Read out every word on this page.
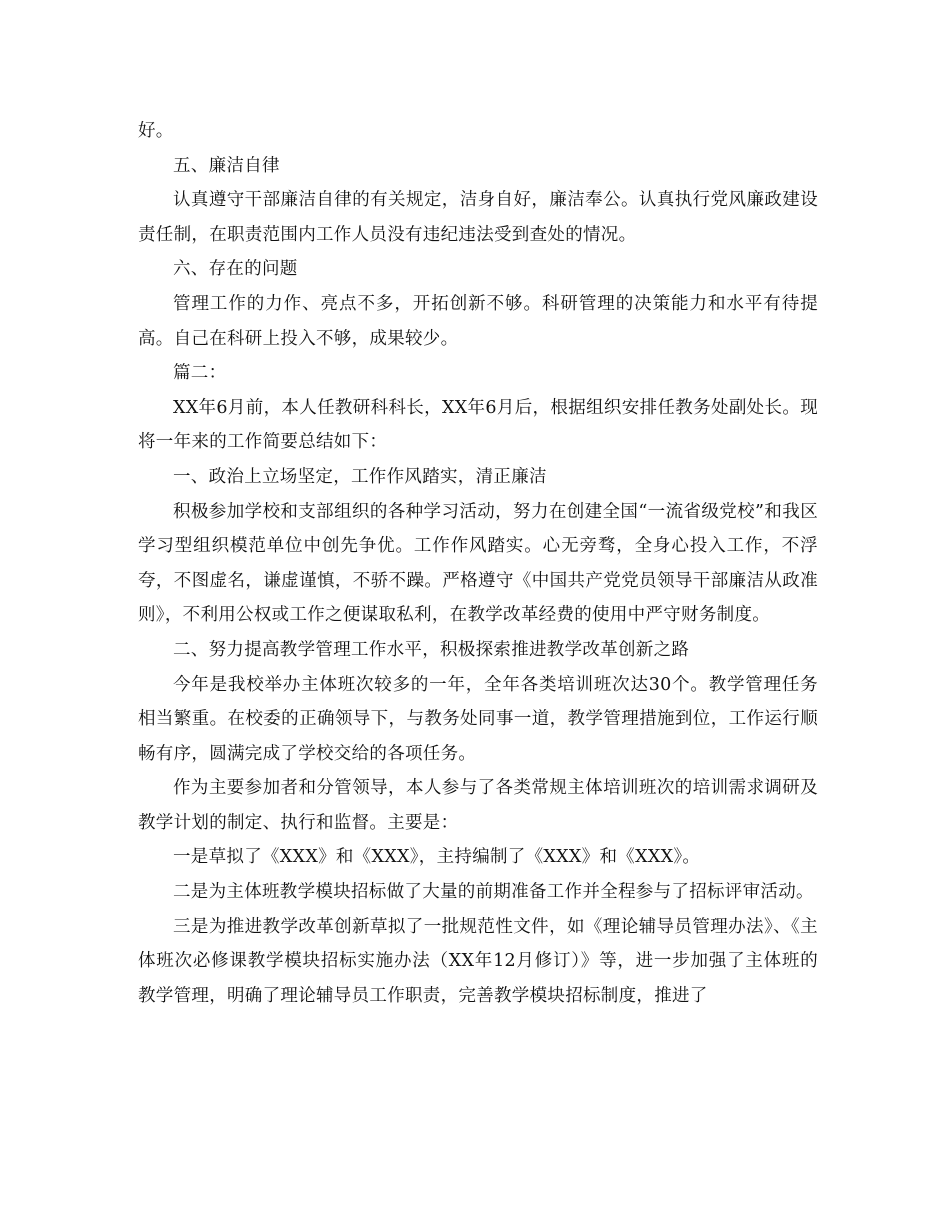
好。

五、廉洁自律

认真遵守干部廉洁自律的有关规定，洁身自好，廉洁奉公。认真执行党风廉政建设责任制，在职责范围内工作人员没有违纪违法受到查处的情况。

六、存在的问题

管理工作的力作、亮点不多，开拓创新不够。科研管理的决策能力和水平有待提高。自己在科研上投入不够，成果较少。

篇二：

XX年6月前，本人任教研科科长，XX年6月后，根据组织安排任教务处副处长。现将一年来的工作简要总结如下：

一、政治上立场坚定，工作作风踏实，清正廉洁

积极参加学校和支部组织的各种学习活动，努力在创建全国“一流省级党校”和我区学习型组织模范单位中创先争优。工作作风踏实。心无旁骛，全身心投入工作，不浮夸，不图虚名，谦虚谨慎，不骄不躁。严格遵守《中国共产党党员领导干部廉洁从政准则》，不利用公权或工作之便谋取私利，在教学改革经费的使用中严守财务制度。

二、努力提高教学管理工作水平，积极探索推进教学改革创新之路

今年是我校举办主体班次较多的一年，全年各类培训班次达30个。教学管理任务相当繁重。在校委的正确领导下，与教务处同事一道，教学管理措施到位，工作运行顺畅有序，圆满完成了学校交给的各项任务。

作为主要参加者和分管领导，本人参与了各类常规主体培训班次的培训需求调研及教学计划的制定、执行和监督。主要是：

一是草拟了《XXX》和《XXX》，主持编制了《XXX》和《XXX》。

二是为主体班教学模块招标做了大量的前期准备工作并全程参与了招标评审活动。

三是为推进教学改革创新草拟了一批规范性文件，如《理论辅导员管理办法》、《主体班次必修课教学模块招标实施办法（XX年12月修订）》等，进一步加强了主体班的教学管理，明确了理论辅导员工作职责，完善教学模块招标制度，推进了
